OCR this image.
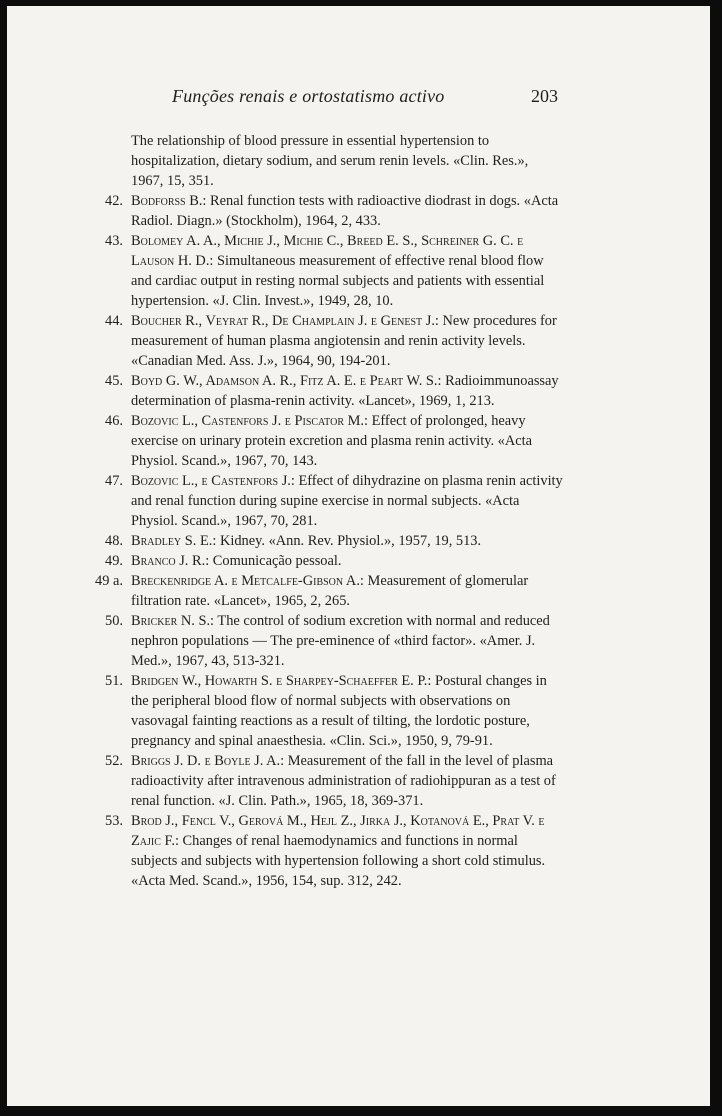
Funções renais e ortostatismo activo	203
The relationship of blood pressure in essential hypertension to hospitalization, dietary sodium, and serum renin levels. «Clin. Res.», 1967, 15, 351.
42. Bodforss B.: Renal function tests with radioactive diodrast in dogs. «Acta Radiol. Diagn.» (Stockholm), 1964, 2, 433.
43. Bolomey A. A., Michie J., Michie C., Breed E. S., Schreiner G. C. e Lauson H. D.: Simultaneous measurement of effective renal blood flow and cardiac output in resting normal subjects and patients with essential hypertension. «J. Clin. Invest.», 1949, 28, 10.
44. Boucher R., Veyrat R., De Champlain J. e Genest J.: New procedures for measurement of human plasma angiotensin and renin activity levels. «Canadian Med. Ass. J.», 1964, 90, 194-201.
45. Boyd G. W., Adamson A. R., Fitz A. E. e Peart W. S.: Radioimmunoassay determination of plasma-renin activity. «Lancet», 1969, 1, 213.
46. Bozovic L., Castenfors J. e Piscator M.: Effect of prolonged, heavy exercise on urinary protein excretion and plasma renin activity. «Acta Physiol. Scand.», 1967, 70, 143.
47. Bozovic L., e Castenfors J.: Effect of dihydrazine on plasma renin activity and renal function during supine exercise in normal subjects. «Acta Physiol. Scand.», 1967, 70, 281.
48. Bradley S. E.: Kidney. «Ann. Rev. Physiol.», 1957, 19, 513.
49. Branco J. R.: Comunicação pessoal.
49 a. Breckenridge A. e Metcalfe-Gibson A.: Measurement of glomerular filtration rate. «Lancet», 1965, 2, 265.
50. Bricker N. S.: The control of sodium excretion with normal and reduced nephron populations — The pre-eminence of «third factor». «Amer. J. Med.», 1967, 43, 513-321.
51. Bridgen W., Howarth S. e Sharpey-Schaeffer E. P.: Postural changes in the peripheral blood flow of normal subjects with observations on vasovagal fainting reactions as a result of tilting, the lordotic posture, pregnancy and spinal anaesthesia. «Clin. Sci.», 1950, 9, 79-91.
52. Briggs J. D. e Boyle J. A.: Measurement of the fall in the level of plasma radioactivity after intravenous administration of radiohippuran as a test of renal function. «J. Clin. Path.», 1965, 18, 369-371.
53. Brod J., Fencl V., Gerová M., Hejl Z., Jirka J., Kotanová E., Prat V. e Zajic F.: Changes of renal haemodynamics and functions in normal subjects and subjects with hypertension following a short cold stimulus. «Acta Med. Scand.», 1956, 154, sup. 312, 242.
